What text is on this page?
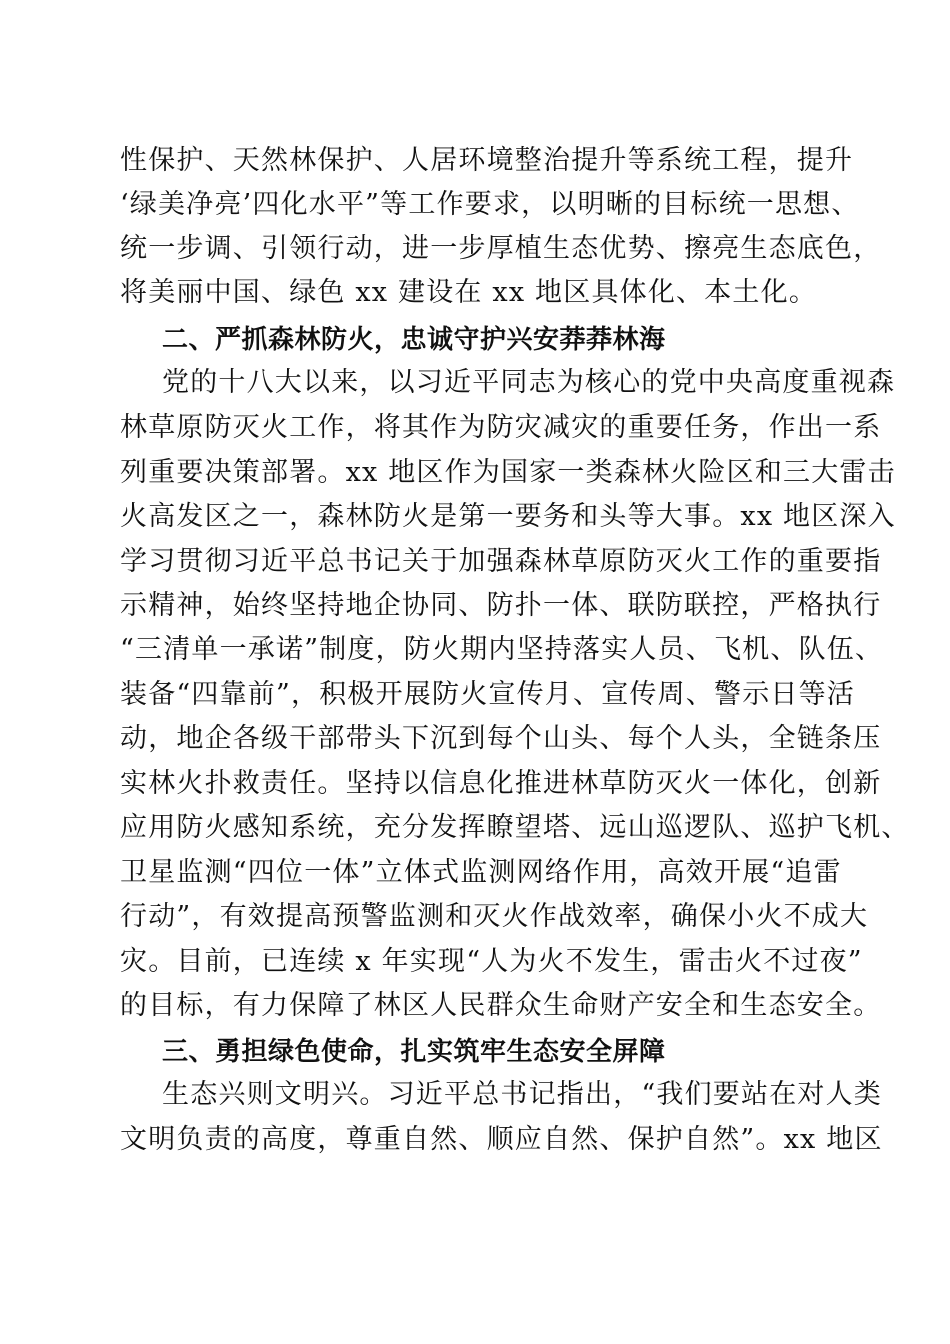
性保护、天然林保护、人居环境整治提升等系统工程，提升
‘绿美净亮’四化水平”等工作要求，以明晰的目标统一思想、
统一步调、引领行动，进一步厚植生态优势、擦亮生态底色，
将美丽中国、绿色 xx 建设在 xx 地区具体化、本土化。
二、严抓森林防火，忠诚守护兴安莽莽林海
党的十八大以来，以习近平同志为核心的党中央高度重视森
林草原防灭火工作，将其作为防灾减灾的重要任务，作出一系
列重要决策部署。xx 地区作为国家一类森林火险区和三大雷击
火高发区之一，森林防火是第一要务和头等大事。xx 地区深入
学习贯彻习近平总书记关于加强森林草原防灭火工作的重要指
示精神，始终坚持地企协同、防扑一体、联防联控，严格执行
“三清单一承诺”制度，防火期内坚持落实人员、飞机、队伍、
装备“四靠前”，积极开展防火宣传月、宣传周、警示日等活
动，地企各级干部带头下沉到每个山头、每个人头，全链条压
实林火扑救责任。坚持以信息化推进林草防灭火一体化，创新
应用防火感知系统，充分发挥瞭望塔、远山巡逻队、巡护飞机、
卫星监测“四位一体”立体式监测网络作用，高效开展“追雷
行动”，有效提高预警监测和灭火作战效率，确保小火不成大
灾。目前，已连续 x 年实现“人为火不发生，雷击火不过夜”
的目标，有力保障了林区人民群众生命财产安全和生态安全。
三、勇担绿色使命，扎实筑牢生态安全屏障
生态兴则文明兴。习近平总书记指出，“我们要站在对人类
文明负责的高度，尊重自然、顺应自然、保护自然”。xx 地区
